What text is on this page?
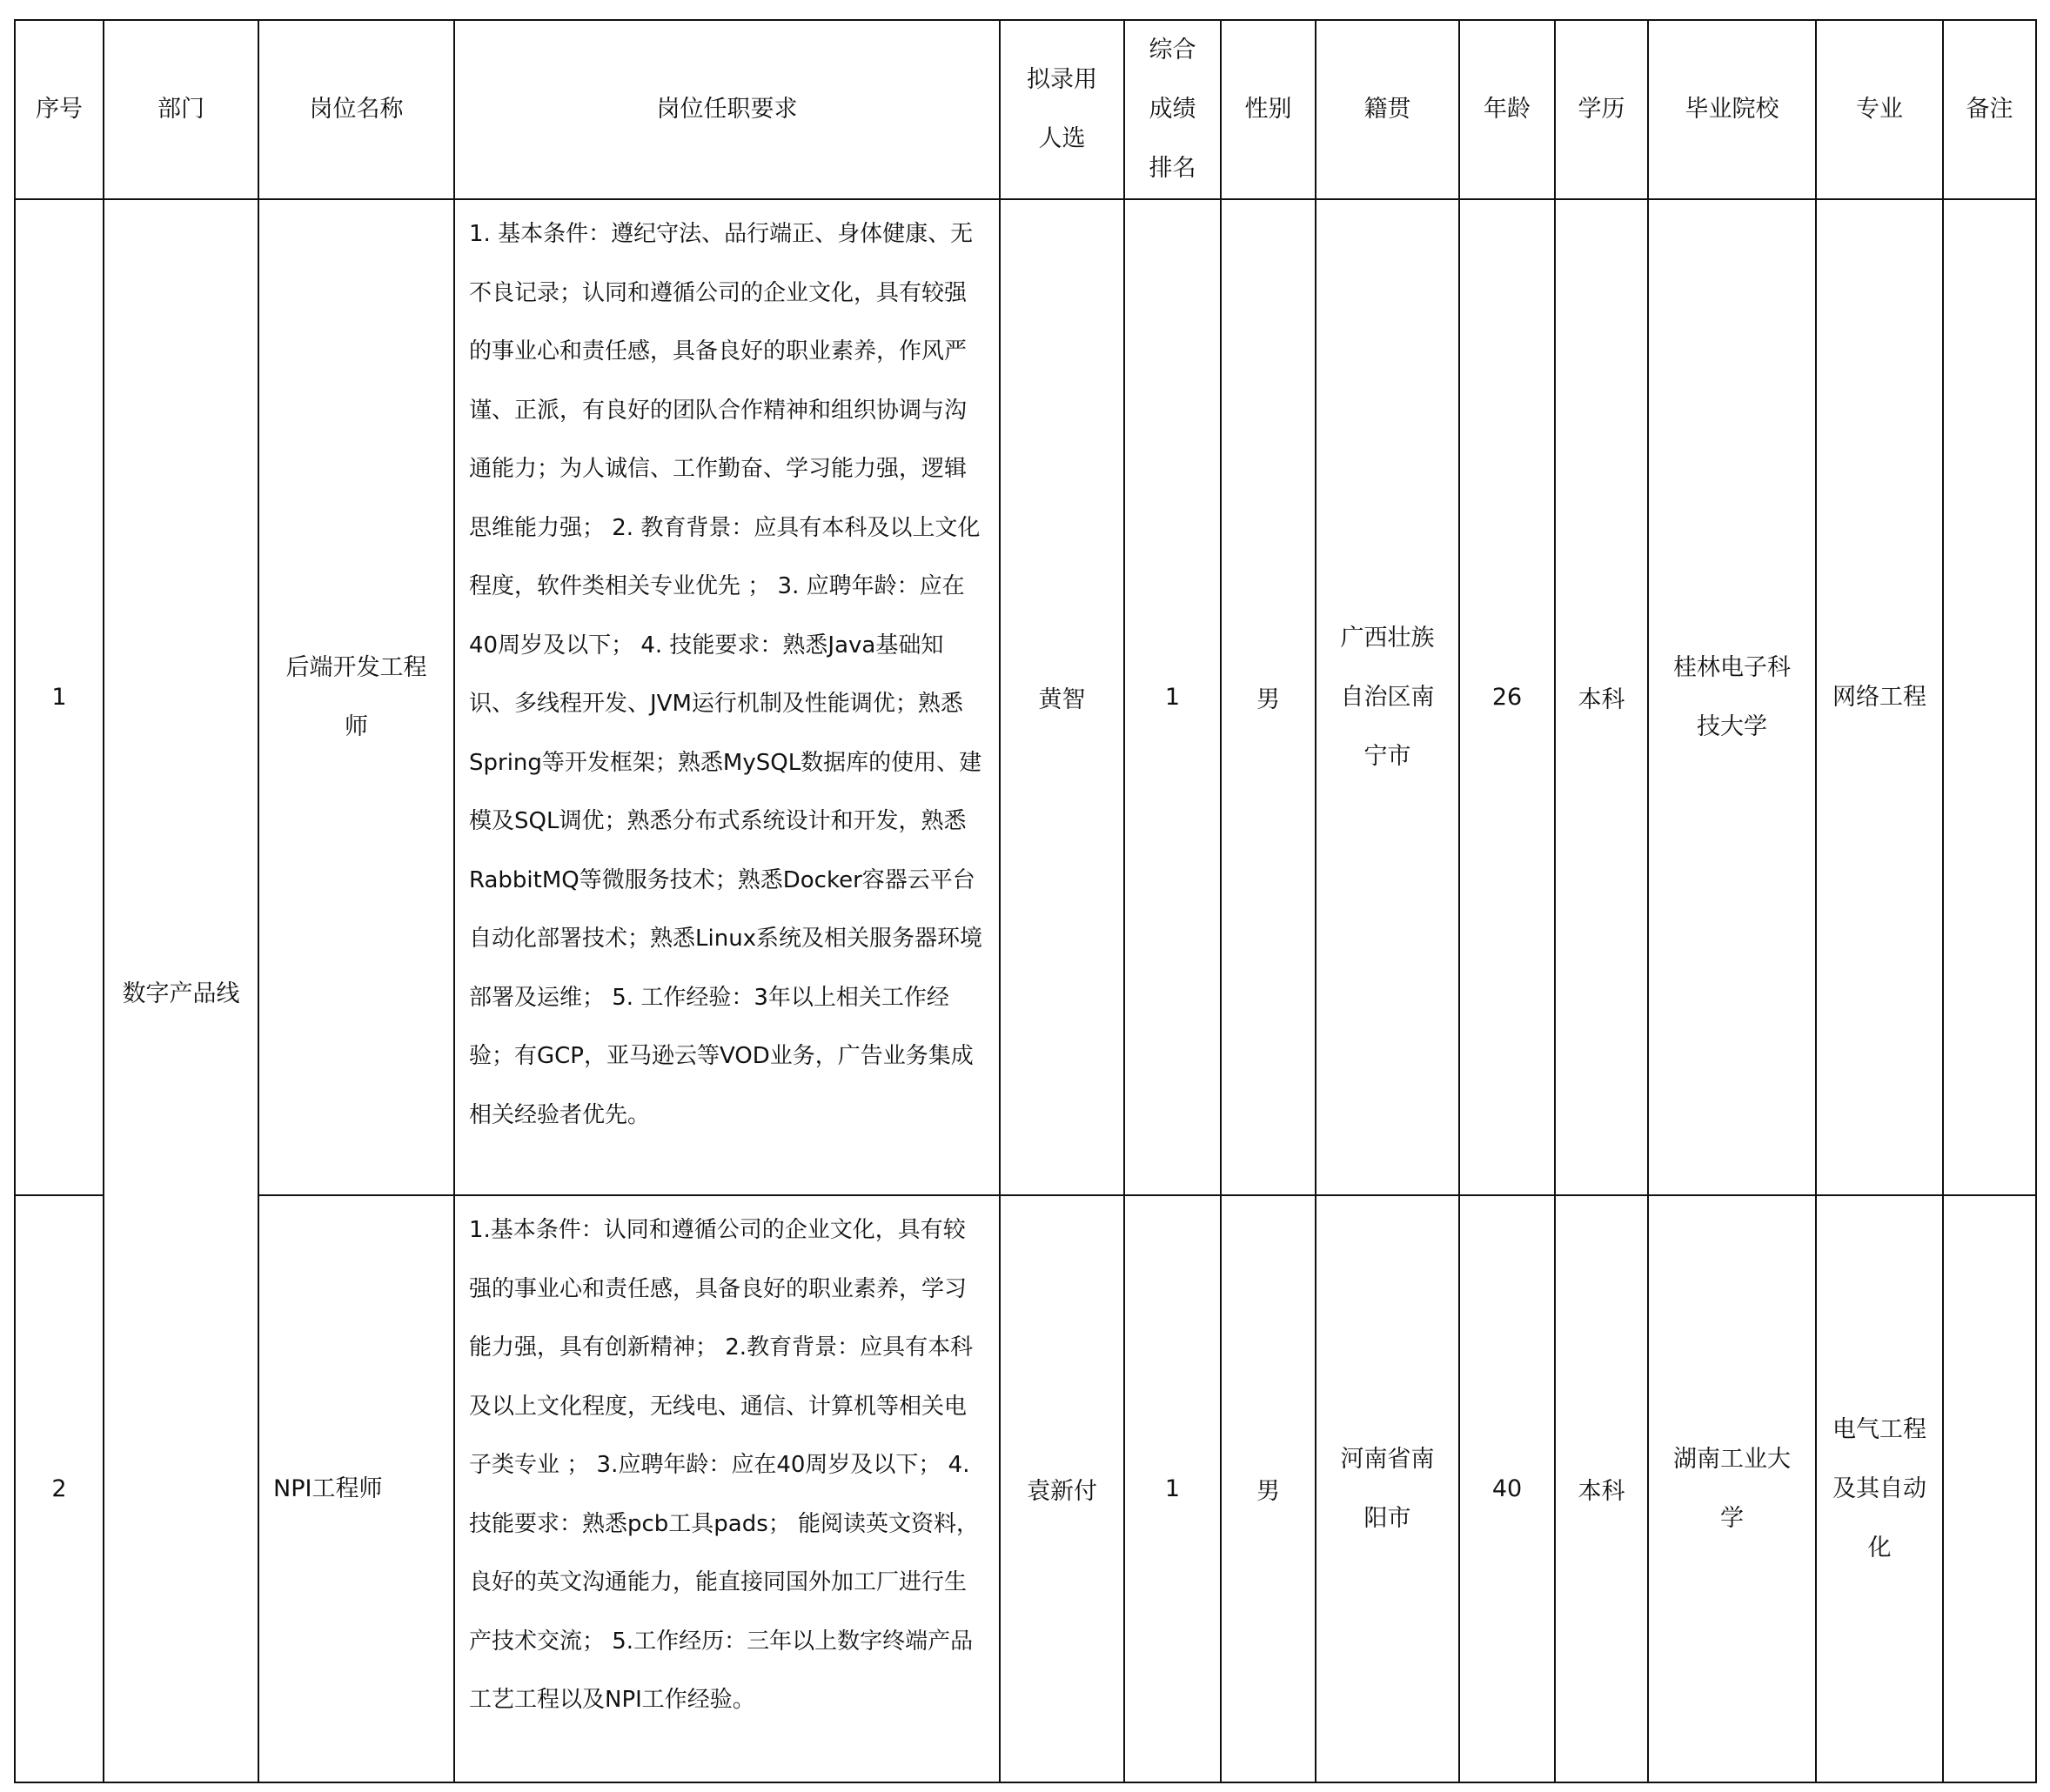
序号	部门	岗位名称	岗位任职要求	拟录用人选	综合成绩排名	性别	籍贯	年龄	学历	毕业院校	专业	备注
1	数字产品线	后端开发工程师	1. 基本条件：遵纪守法、品行端正、身体健康、无不良记录；认同和遵循公司的企业文化，具有较强的事业心和责任感，具备良好的职业素养，作风严谨、正派，有良好的团队合作精神和组织协调与沟通能力；为人诚信、工作勤奋、学习能力强，逻辑思维能力强； 2. 教育背景：应具有本科及以上文化程度，软件类相关专业优先 ； 3. 应聘年龄：应在40周岁及以下； 4. 技能要求：熟悉Java基础知识、多线程开发、JVM运行机制及性能调优；熟悉Spring等开发框架；熟悉MySQL数据库的使用、建模及SQL调优；熟悉分布式系统设计和开发，熟悉RabbitMQ等微服务技术；熟悉Docker容器云平台自动化部署技术；熟悉Linux系统及相关服务器环境部署及运维； 5. 工作经验：3年以上相关工作经验；有GCP，亚马逊云等VOD业务，广告业务集成相关经验者优先。	黄智	1	男	广西壮族自治区南宁市	26	本科	桂林电子科技大学	网络工程	

2		NPI工程师	1.基本条件：认同和遵循公司的企业文化，具有较强的事业心和责任感，具备良好的职业素养，学习能力强，具有创新精神； 2.教育背景：应具有本科及以上文化程度，无线电、通信、计算机等相关电子类专业 ； 3.应聘年龄：应在40周岁及以下； 4.技能要求：熟悉pcb工具pads； 能阅读英文资料，良好的英文沟通能力，能直接同国外加工厂进行生产技术交流； 5.工作经历：三年以上数字终端产品工艺工程以及NPI工作经验。	袁新付	1	男	河南省南阳市	40	本科	湖南工业大学	电气工程及其自动化	
